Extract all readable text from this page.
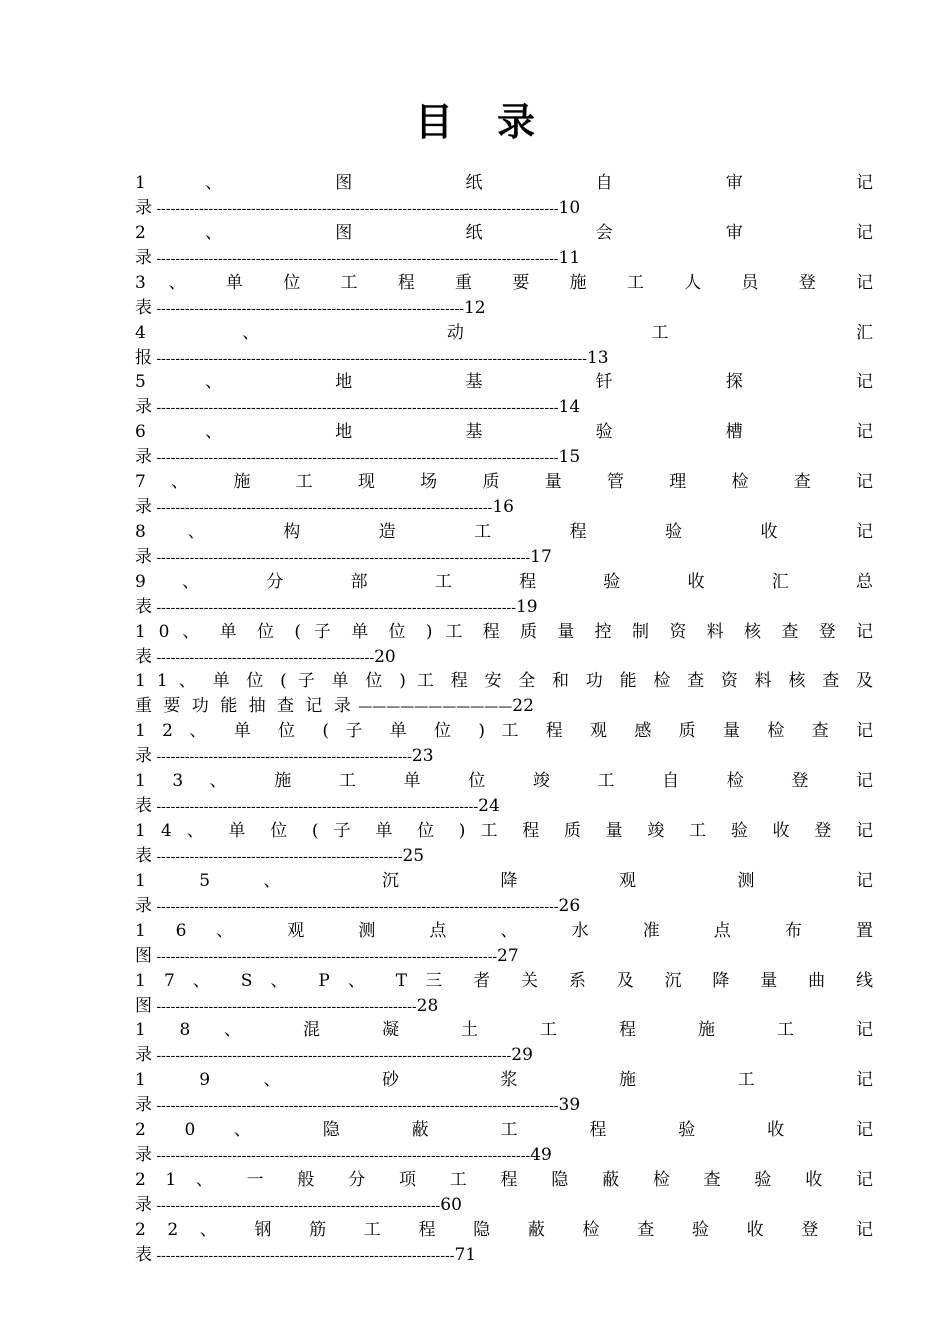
目录
1 、 图 纸 自 审 记
录 -------------------------------------------------------------------------------------10
2 、 图 纸 会 审 记
录 -------------------------------------------------------------------------------------11
3 、 单 位 工 程 重 要 施 工 人 员 登 记
表 -----------------------------------------------------------------12
4 、 动 工 汇
报 -------------------------------------------------------------------------------------------13
5 、 地 基 钎 探 记
录 -------------------------------------------------------------------------------------14
6 、 地 基 验 槽 记
录 -------------------------------------------------------------------------------------15
7 、 施 工 现 场 质 量 管 理 检 查 记
录 -----------------------------------------------------------------------16
8 、 构 造 工 程 验 收 记
录 -------------------------------------------------------------------------------17
9 、 分 部 工 程 验 收 汇 总
表 ----------------------------------------------------------------------------19
1 0 、 单 位 ( 子 单 位 ) 工 程 质 量 控 制 资 料 核 查 登 记
表 ----------------------------------------------20
1 1 、 单 位 ( 子 单 位 ) 工 程 安 全 和 功 能 检 查 资 料 核 查 及
重 要 功 能 抽 查 记 录 ———————————22
1 2 、 单 位 ( 子 单 位 ) 工 程 观 感 质 量 检 查 记
录 ------------------------------------------------------23
1 3 、 施 工 单 位 竣 工 自 检 登 记
表 --------------------------------------------------------------------24
1 4 、 单 位 ( 子 单 位 ) 工 程 质 量 竣 工 验 收 登 记
表 ----------------------------------------------------25
1 5 、 沉 降 观 测 记
录 -------------------------------------------------------------------------------------26
1 6 、 观 测 点 、 水 准 点 布 置
图 ------------------------------------------------------------------------27
1 7 、 S 、 P 、 T 三 者 关 系 及 沉 降 量 曲 线
图 -------------------------------------------------------28
1 8 、 混 凝 土 工 程 施 工 记
录 ---------------------------------------------------------------------------29
1 9 、 砂 浆 施 工 记
录 -------------------------------------------------------------------------------------39
2 0 、 隐 蔽 工 程 验 收 记
录 -------------------------------------------------------------------------------49
2 1 、 一 般 分 项 工 程 隐 蔽 检 查 验 收 记
录 ------------------------------------------------------------60
2 2 、 钢 筋 工 程 隐 蔽 检 查 验 收 登 记
表 ---------------------------------------------------------------71
